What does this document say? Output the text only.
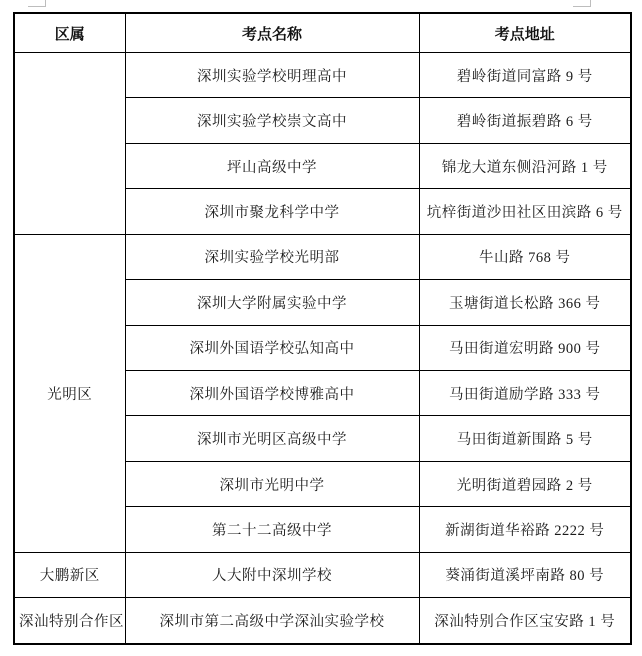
区属	考点名称	考点地址
	深圳实验学校明理高中	碧岭街道同富路 9 号
	深圳实验学校崇文高中	碧岭街道振碧路 6 号
	坪山高级中学	锦龙大道东侧沿河路 1 号
	深圳市聚龙科学中学	坑梓街道沙田社区田滨路 6 号
光明区	深圳实验学校光明部	牛山路 768 号
	深圳大学附属实验中学	玉塘街道长松路 366 号
	深圳外国语学校弘知高中	马田街道宏明路 900 号
	深圳外国语学校博雅高中	马田街道励学路 333 号
	深圳市光明区高级中学	马田街道新围路 5 号
	深圳市光明中学	光明街道碧园路 2 号
	第二十二高级中学	新湖街道华裕路 2222 号
大鹏新区	人大附中深圳学校	葵涌街道溪坪南路 80 号
深汕特别合作区	深圳市第二高级中学深汕实验学校	深汕特别合作区宝安路 1 号
